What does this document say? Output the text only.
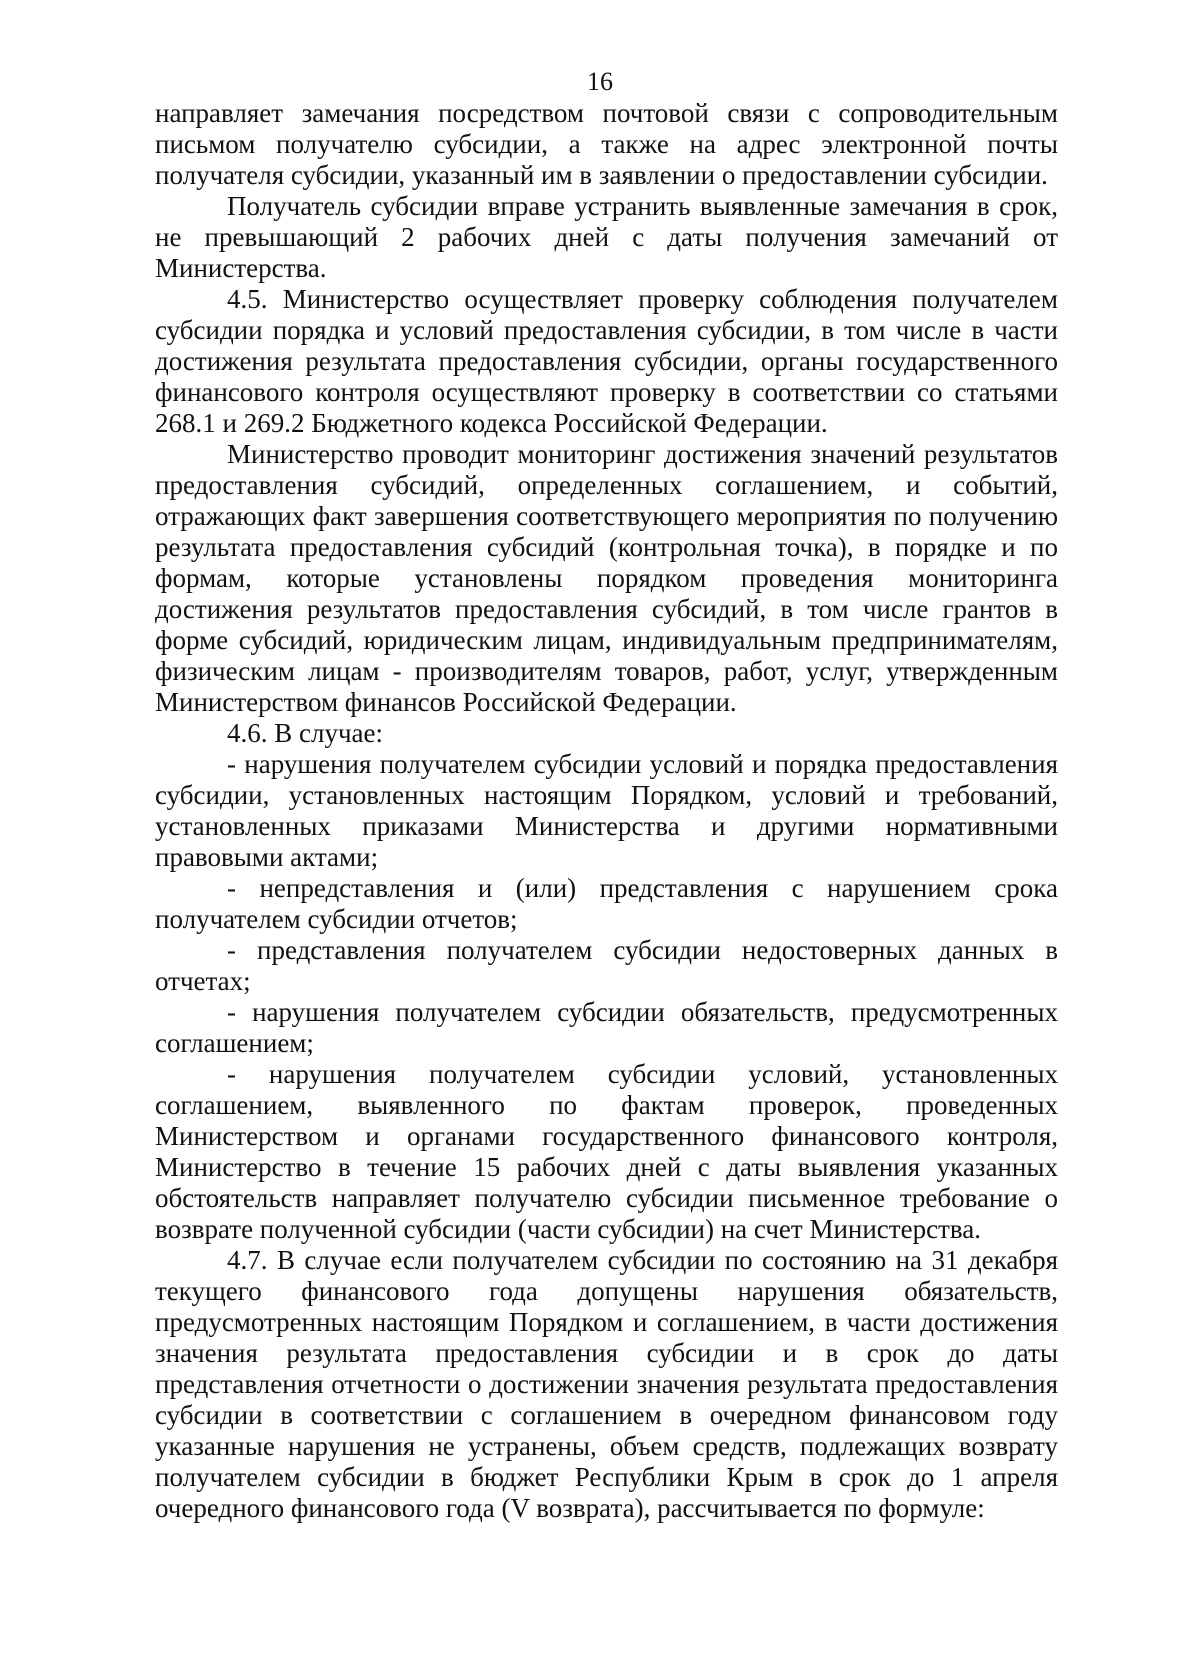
16

направляет замечания посредством почтовой связи с сопроводительным письмом получателю субсидии, а также на адрес электронной почты получателя субсидии, указанный им в заявлении о предоставлении субсидии.

Получатель субсидии вправе устранить выявленные замечания в срок, не превышающий 2 рабочих дней с даты получения замечаний от Министерства.

4.5. Министерство осуществляет проверку соблюдения получателем субсидии порядка и условий предоставления субсидии, в том числе в части достижения результата предоставления субсидии, органы государственного финансового контроля осуществляют проверку в соответствии со статьями 268.1 и 269.2 Бюджетного кодекса Российской Федерации.

Министерство проводит мониторинг достижения значений результатов предоставления субсидий, определенных соглашением, и событий, отражающих факт завершения соответствующего мероприятия по получению результата предоставления субсидий (контрольная точка), в порядке и по формам, которые установлены порядком проведения мониторинга достижения результатов предоставления субсидий, в том числе грантов в форме субсидий, юридическим лицам, индивидуальным предпринимателям, физическим лицам - производителям товаров, работ, услуг, утвержденным Министерством финансов Российской Федерации.

4.6. В случае:

- нарушения получателем субсидии условий и порядка предоставления субсидии, установленных настоящим Порядком, условий и требований, установленных приказами Министерства и другими нормативными правовыми актами;

- непредставления и (или) представления с нарушением срока получателем субсидии отчетов;

- представления получателем субсидии недостоверных данных в отчетах;

- нарушения получателем субсидии обязательств, предусмотренных соглашением;

- нарушения получателем субсидии условий, установленных соглашением, выявленного по фактам проверок, проведенных Министерством и органами государственного финансового контроля, Министерство в течение 15 рабочих дней с даты выявления указанных обстоятельств направляет получателю субсидии письменное требование о возврате полученной субсидии (части субсидии) на счет Министерства.

4.7. В случае если получателем субсидии по состоянию на 31 декабря текущего финансового года допущены нарушения обязательств, предусмотренных настоящим Порядком и соглашением, в части достижения значения результата предоставления субсидии и в срок до даты представления отчетности о достижении значения результата предоставления субсидии в соответствии с соглашением в очередном финансовом году указанные нарушения не устранены, объем средств, подлежащих возврату получателем субсидии в бюджет Республики Крым в срок до 1 апреля очередного финансового года (V возврата), рассчитывается по формуле:
